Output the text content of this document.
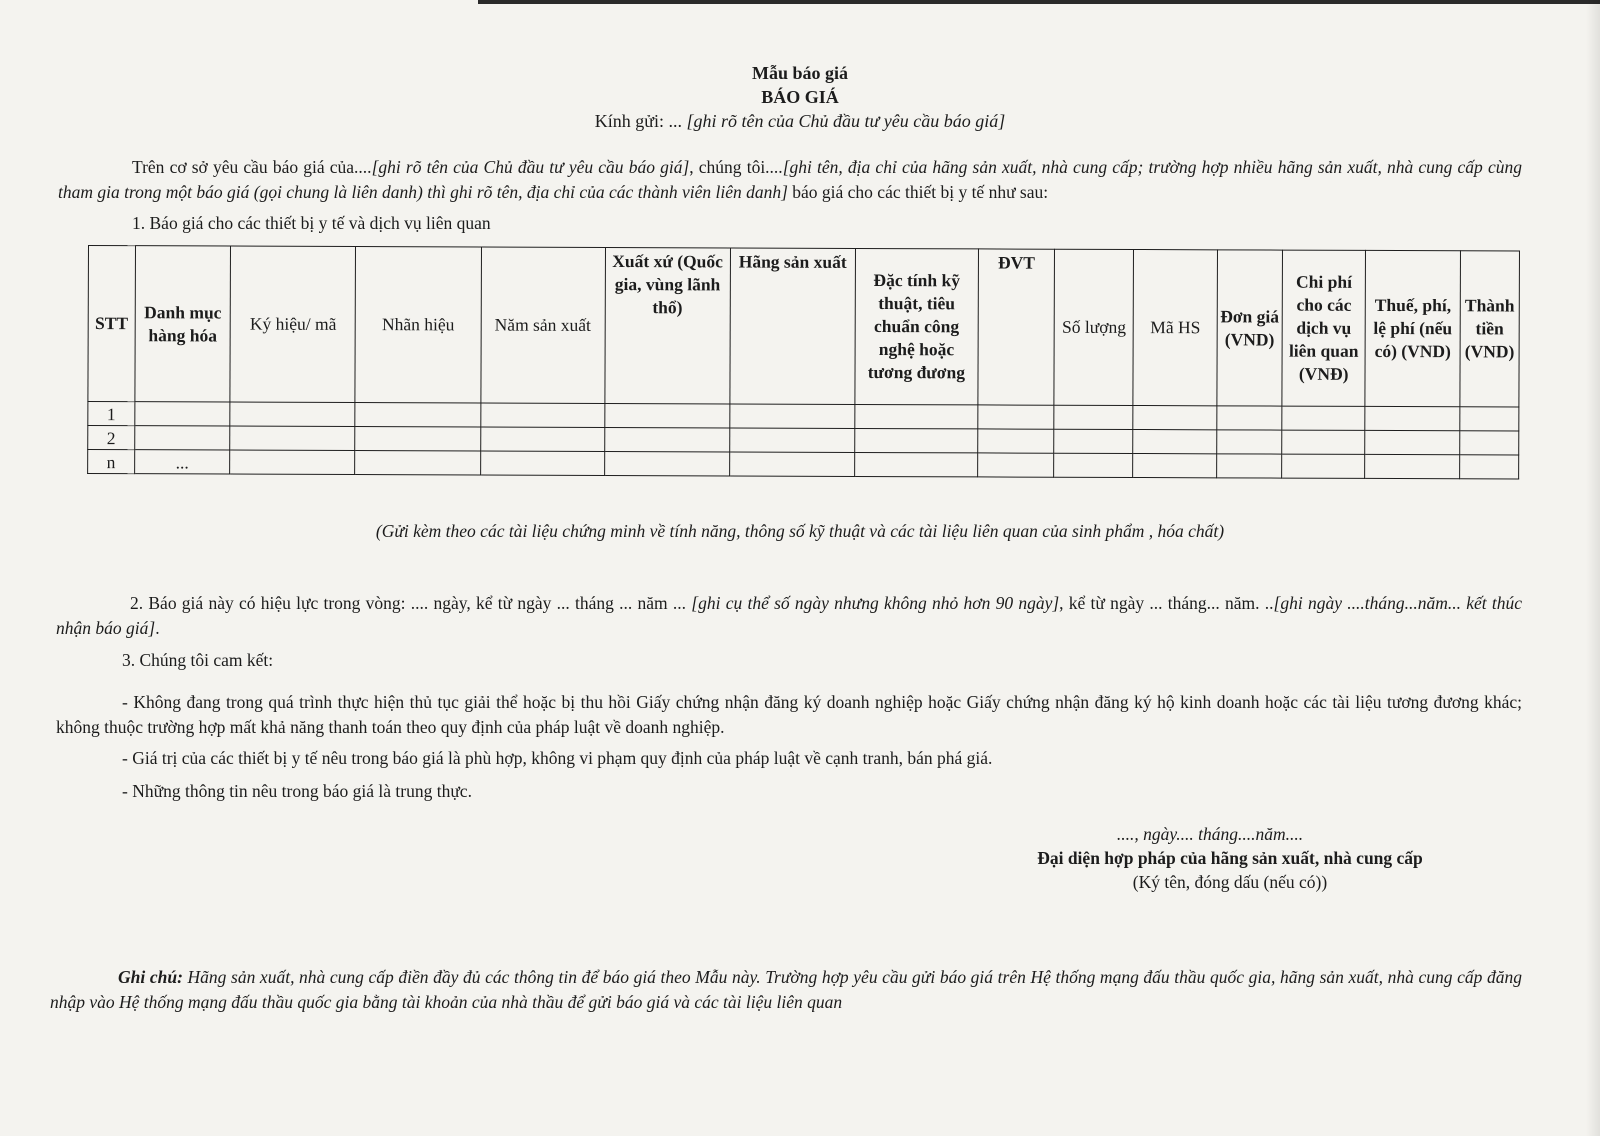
Mẫu báo giá
BÁO GIÁ
Kính gửi: ... [ghi rõ tên của Chủ đầu tư yêu cầu báo giá]
Trên cơ sở yêu cầu báo giá của....[ghi rõ tên của Chủ đầu tư yêu cầu báo giá], chúng tôi....[ghi tên, địa chỉ của hãng sản xuất, nhà cung cấp; trường hợp nhiều hãng sản xuất, nhà cung cấp cùng tham gia trong một báo giá (gọi chung là liên danh) thì ghi rõ tên, địa chỉ của các thành viên liên danh] báo giá cho các thiết bị y tế như sau:
1. Báo giá cho các thiết bị y tế và dịch vụ liên quan
STT	Danh mục hàng hóa	Ký hiệu/ mã	Nhãn hiệu	Năm sản xuất	Xuất xứ (Quốc gia, vùng lãnh thổ)	Hãng sản xuất	Đặc tính kỹ thuật, tiêu chuẩn công nghệ hoặc tương đương	ĐVT	Số lượng	Mã HS	Đơn giá (VND)	Chi phí cho các dịch vụ liên quan (VNĐ)	Thuế, phí, lệ phí (nếu có) (VND)	Thành tiền (VND)
1														
2														
n	...													
(Gửi kèm theo các tài liệu chứng minh về tính năng, thông số kỹ thuật và các tài liệu liên quan của sinh phẩm , hóa chất)
2. Báo giá này có hiệu lực trong vòng: .... ngày, kể từ ngày ... tháng ... năm ... [ghi cụ thể số ngày nhưng không nhỏ hơn 90 ngày], kể từ ngày ... tháng... năm. ..[ghi ngày ....tháng...năm... kết thúc nhận báo giá].
3. Chúng tôi cam kết:
- Không đang trong quá trình thực hiện thủ tục giải thể hoặc bị thu hồi Giấy chứng nhận đăng ký doanh nghiệp hoặc Giấy chứng nhận đăng ký hộ kinh doanh hoặc các tài liệu tương đương khác; không thuộc trường hợp mất khả năng thanh toán theo quy định của pháp luật về doanh nghiệp.
- Giá trị của các thiết bị y tế nêu trong báo giá là phù hợp, không vi phạm quy định của pháp luật về cạnh tranh, bán phá giá.
- Những thông tin nêu trong báo giá là trung thực.
...., ngày.... tháng....năm....
Đại diện hợp pháp của hãng sản xuất, nhà cung cấp
(Ký tên, đóng dấu (nếu có))
Ghi chú: Hãng sản xuất, nhà cung cấp điền đầy đủ các thông tin để báo giá theo Mẫu này. Trường hợp yêu cầu gửi báo giá trên Hệ thống mạng đấu thầu quốc gia, hãng sản xuất, nhà cung cấp đăng nhập vào Hệ thống mạng đấu thầu quốc gia bằng tài khoản của nhà thầu để gửi báo giá và các tài liệu liên quan
